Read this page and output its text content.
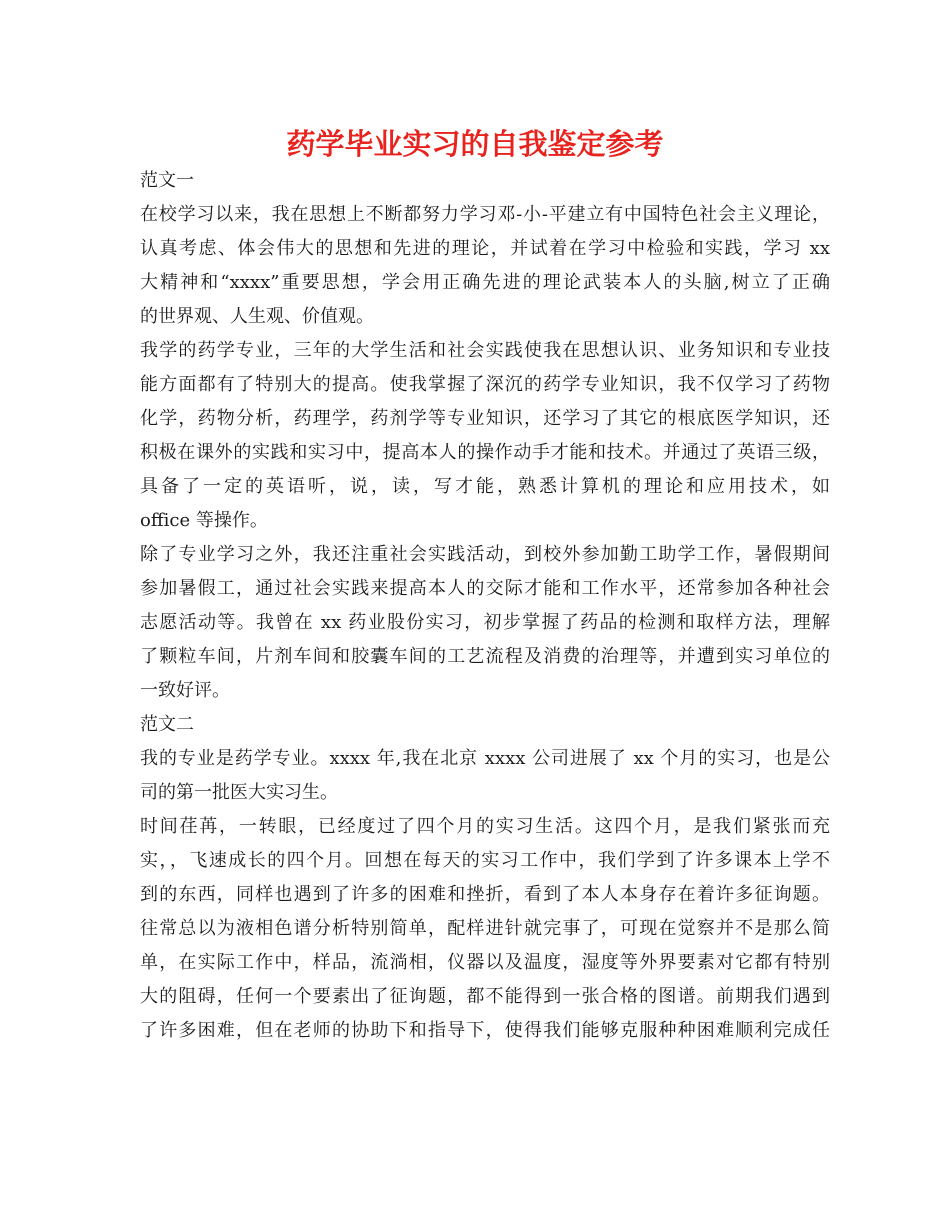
药学毕业实习的自我鉴定参考
范文一
在校学习以来，我在思想上不断都努力学习邓-小-平建立有中国特色社会主义理论，
认真考虑、体会伟大的思想和先进的理论，并试着在学习中检验和实践，学习 xx
大精神和“xxxx”重要思想，学会用正确先进的理论武装本人的头脑,树立了正确
的世界观、人生观、价值观。
我学的药学专业，三年的大学生活和社会实践使我在思想认识、业务知识和专业技
能方面都有了特别大的提高。使我掌握了深沉的药学专业知识，我不仅学习了药物
化学，药物分析，药理学，药剂学等专业知识，还学习了其它的根底医学知识，还
积极在课外的实践和实习中，提高本人的操作动手才能和技术。并通过了英语三级，
具备了一定的英语听，说，读，写才能，熟悉计算机的理论和应用技术，如
office 等操作。
除了专业学习之外，我还注重社会实践活动，到校外参加勤工助学工作，暑假期间
参加暑假工，通过社会实践来提高本人的交际才能和工作水平，还常参加各种社会
志愿活动等。我曾在 xx 药业股份实习，初步掌握了药品的检测和取样方法，理解
了颗粒车间，片剂车间和胶囊车间的工艺流程及消费的治理等，并遭到实习单位的
一致好评。
范文二
我的专业是药学专业。xxxx 年,我在北京 xxxx 公司进展了 xx 个月的实习，也是公
司的第一批医大实习生。
时间荏苒，一转眼，已经度过了四个月的实习生活。这四个月，是我们紧张而充
实，，飞速成长的四个月。回想在每天的实习工作中，我们学到了许多课本上学不
到的东西，同样也遇到了许多的困难和挫折，看到了本人本身存在着许多征询题。
往常总以为液相色谱分析特别简单，配样进针就完事了，可现在觉察并不是那么简
单，在实际工作中，样品，流淌相，仪器以及温度，湿度等外界要素对它都有特别
大的阻碍，任何一个要素出了征询题，都不能得到一张合格的图谱。前期我们遇到
了许多困难，但在老师的协助下和指导下，使得我们能够克服种种困难顺利完成任
